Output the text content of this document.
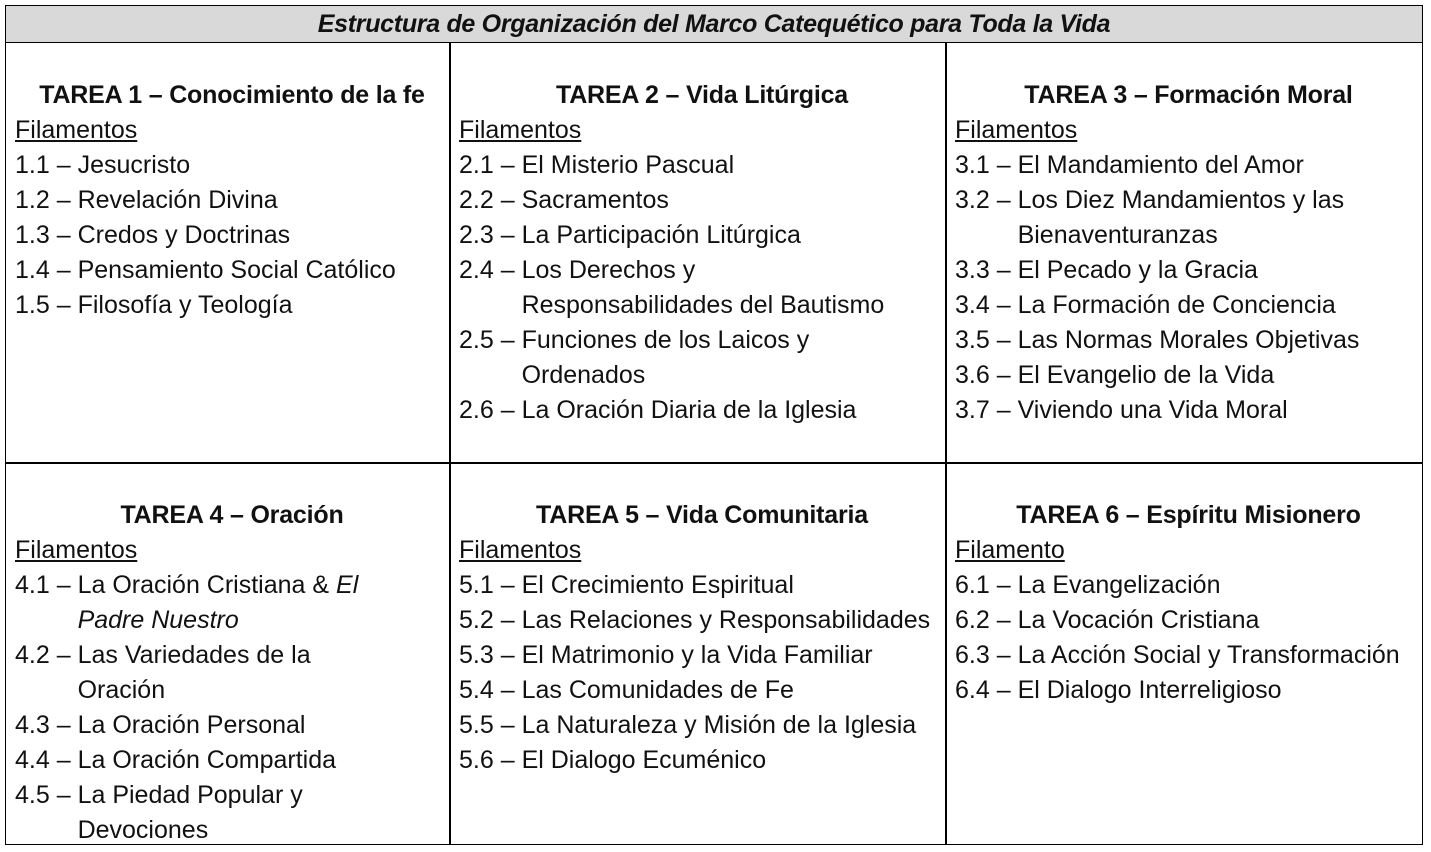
Estructura de Organización del Marco Catequético para Toda la Vida
TAREA 1 – Conocimiento de la fe
Filamentos
1.1 – Jesucristo
1.2 – Revelación Divina
1.3 – Credos y Doctrinas
1.4 – Pensamiento Social Católico
1.5 – Filosofía y Teología
TAREA 2 – Vida Litúrgica
Filamentos
2.1 – El Misterio Pascual
2.2 – Sacramentos
2.3 – La Participación Litúrgica
2.4 – Los Derechos y Responsabilidades del Bautismo
2.5 – Funciones de los Laicos y Ordenados
2.6 – La Oración Diaria de la Iglesia
TAREA 3 – Formación Moral
Filamentos
3.1 – El Mandamiento del Amor
3.2 – Los Diez Mandamientos y las Bienaventuranzas
3.3 – El Pecado y la Gracia
3.4 – La Formación de Conciencia
3.5 – Las Normas Morales Objetivas
3.6 – El Evangelio de la Vida
3.7 – Viviendo una Vida Moral
TAREA 4 – Oración
Filamentos
4.1 – La Oración Cristiana & El Padre Nuestro
4.2 – Las Variedades de la Oración
4.3 – La Oración Personal
4.4 – La Oración Compartida
4.5 – La Piedad Popular y Devociones
TAREA 5 – Vida Comunitaria
Filamentos
5.1 – El Crecimiento Espiritual
5.2 – Las Relaciones y Responsabilidades
5.3 – El Matrimonio y la Vida Familiar
5.4 – Las Comunidades de Fe
5.5 – La Naturaleza y Misión de la Iglesia
5.6 – El Dialogo Ecuménico
TAREA 6 – Espíritu Misionero
Filamento
6.1 – La Evangelización
6.2 – La Vocación Cristiana
6.3 – La Acción Social y Transformación
6.4 – El Dialogo Interreligioso
